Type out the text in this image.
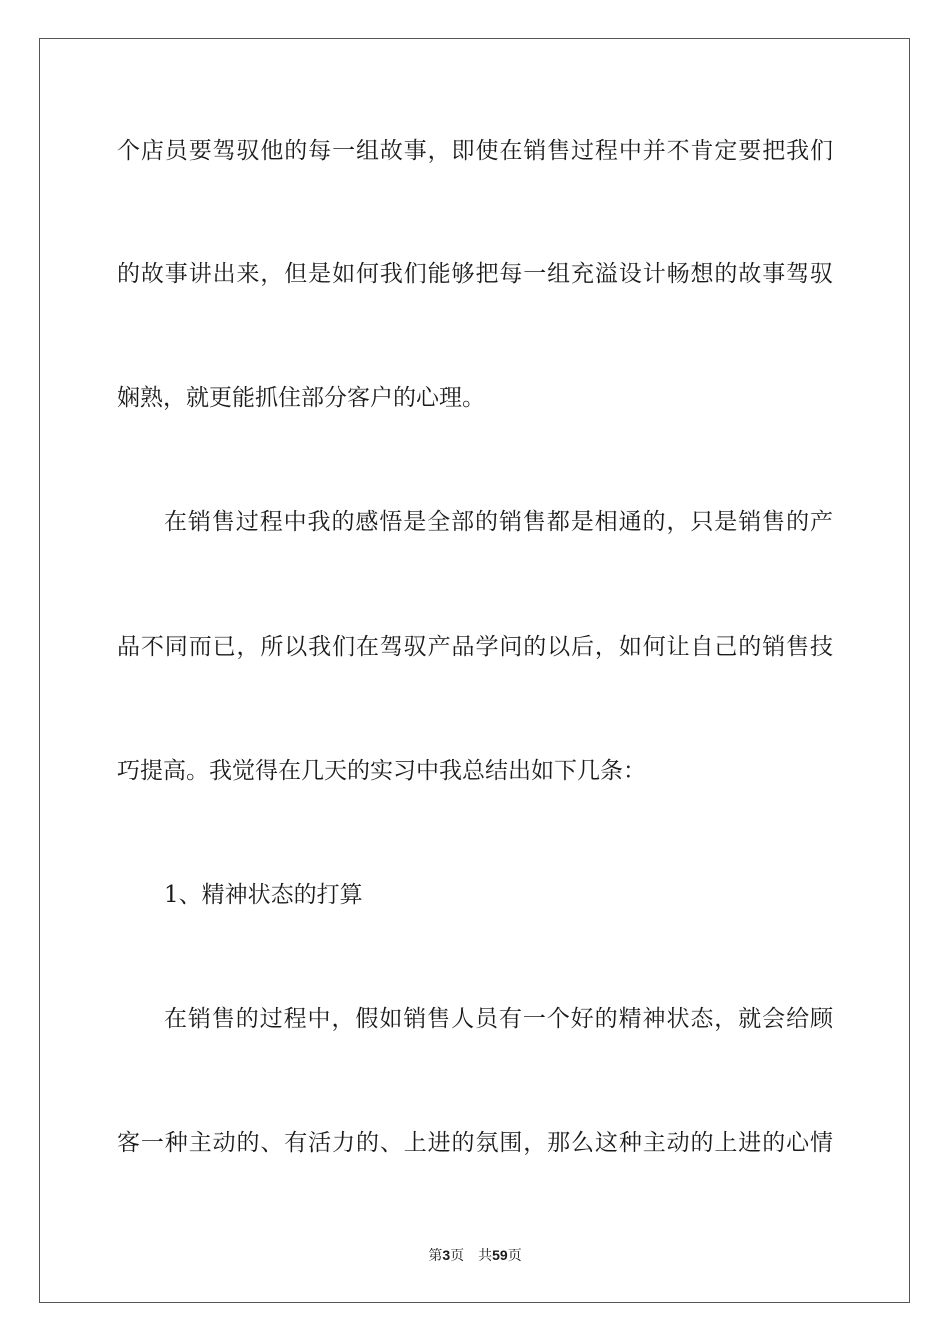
个店员要驾驭他的每一组故事，即使在销售过程中并不肯定要把我们

的故事讲出来，但是如何我们能够把每一组充溢设计畅想的故事驾驭

娴熟，就更能抓住部分客户的心理。

在销售过程中我的感悟是全部的销售都是相通的，只是销售的产

品不同而已，所以我们在驾驭产品学问的以后，如何让自己的销售技

巧提高。我觉得在几天的实习中我总结出如下几条：

1、精神状态的打算

在销售的过程中，假如销售人员有一个好的精神状态，就会给顾

客一种主动的、有活力的、上进的氛围，那么这种主动的上进的心情

第3页 共59页
